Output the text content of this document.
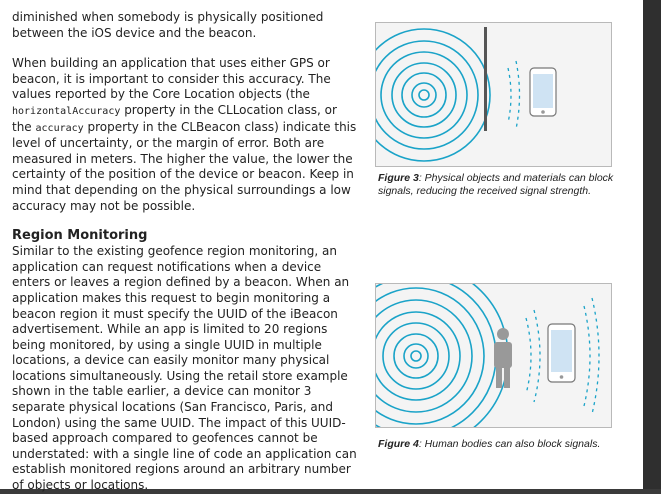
diminished when somebody is physically positioned between the iOS device and the beacon.

When building an application that uses either GPS or beacon, it is important to consider this accuracy. The values reported by the Core Location objects (the horizontalAccuracy property in the CLLocation class, or the accuracy property in the CLBeacon class) indicate this level of uncertainty, or the margin of error. Both are measured in meters. The higher the value, the lower the certainty of the position of the device or beacon. Keep in mind that depending on the physical surroundings a low accuracy may not be possible.

Region Monitoring

Similar to the existing geofence region monitoring, an application can request notifications when a device enters or leaves a region defined by a beacon. When an application makes this request to begin monitoring a beacon region it must specify the UUID of the iBeacon advertisement. While an app is limited to 20 regions being monitored, by using a single UUID in multiple locations, a device can easily monitor many physical locations simultaneously. Using the retail store example shown in the table earlier, a device can monitor 3 separate physical locations (San Francisco, Paris, and London) using the same UUID. The impact of this UUID-based approach compared to geofences cannot be understated: with a single line of code an application can establish monitored regions around an arbitrary number of objects or locations.

Figure 3: Physical objects and materials can block signals, reducing the received signal strength.
Figure 4: Human bodies can also block signals.
